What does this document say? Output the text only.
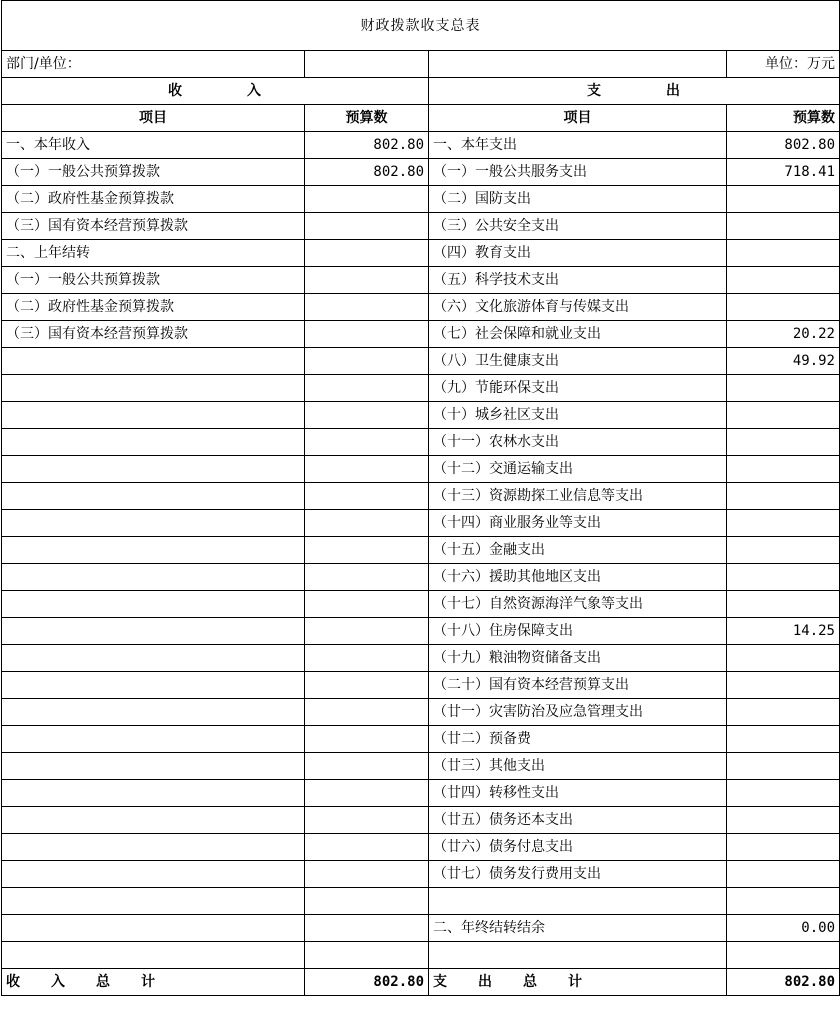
财政拨款收支总表			
部门/单位：			单位：万元
收 入		支 出	
项目	预算数	项目	预算数
一、本年收入	802.80	一、本年支出	802.80
（一）一般公共预算拨款	802.80	（一）一般公共服务支出	718.41
（二）政府性基金预算拨款		（二）国防支出	
（三）国有资本经营预算拨款		（三）公共安全支出	
二、上年结转		（四）教育支出	
（一）一般公共预算拨款		（五）科学技术支出	
（二）政府性基金预算拨款		（六）文化旅游体育与传媒支出	
（三）国有资本经营预算拨款		（七）社会保障和就业支出	20.22
		（八）卫生健康支出	49.92
		（九）节能环保支出	
		（十）城乡社区支出	
		（十一）农林水支出	
		（十二）交通运输支出	
		（十三）资源勘探工业信息等支出	
		（十四）商业服务业等支出	
		（十五）金融支出	
		（十六）援助其他地区支出	
		（十七）自然资源海洋气象等支出	
		（十八）住房保障支出	14.25
		（十九）粮油物资储备支出	
		（二十）国有资本经营预算支出	
		（廿一）灾害防治及应急管理支出	
		（廿二）预备费	
		（廿三）其他支出	
		（廿四）转移性支出	
		（廿五）债务还本支出	
		（廿六）债务付息支出	
		（廿七）债务发行费用支出	

		二、年终结转结余	0.00

收 入 总 计	802.80	支 出 总 计	802.80
